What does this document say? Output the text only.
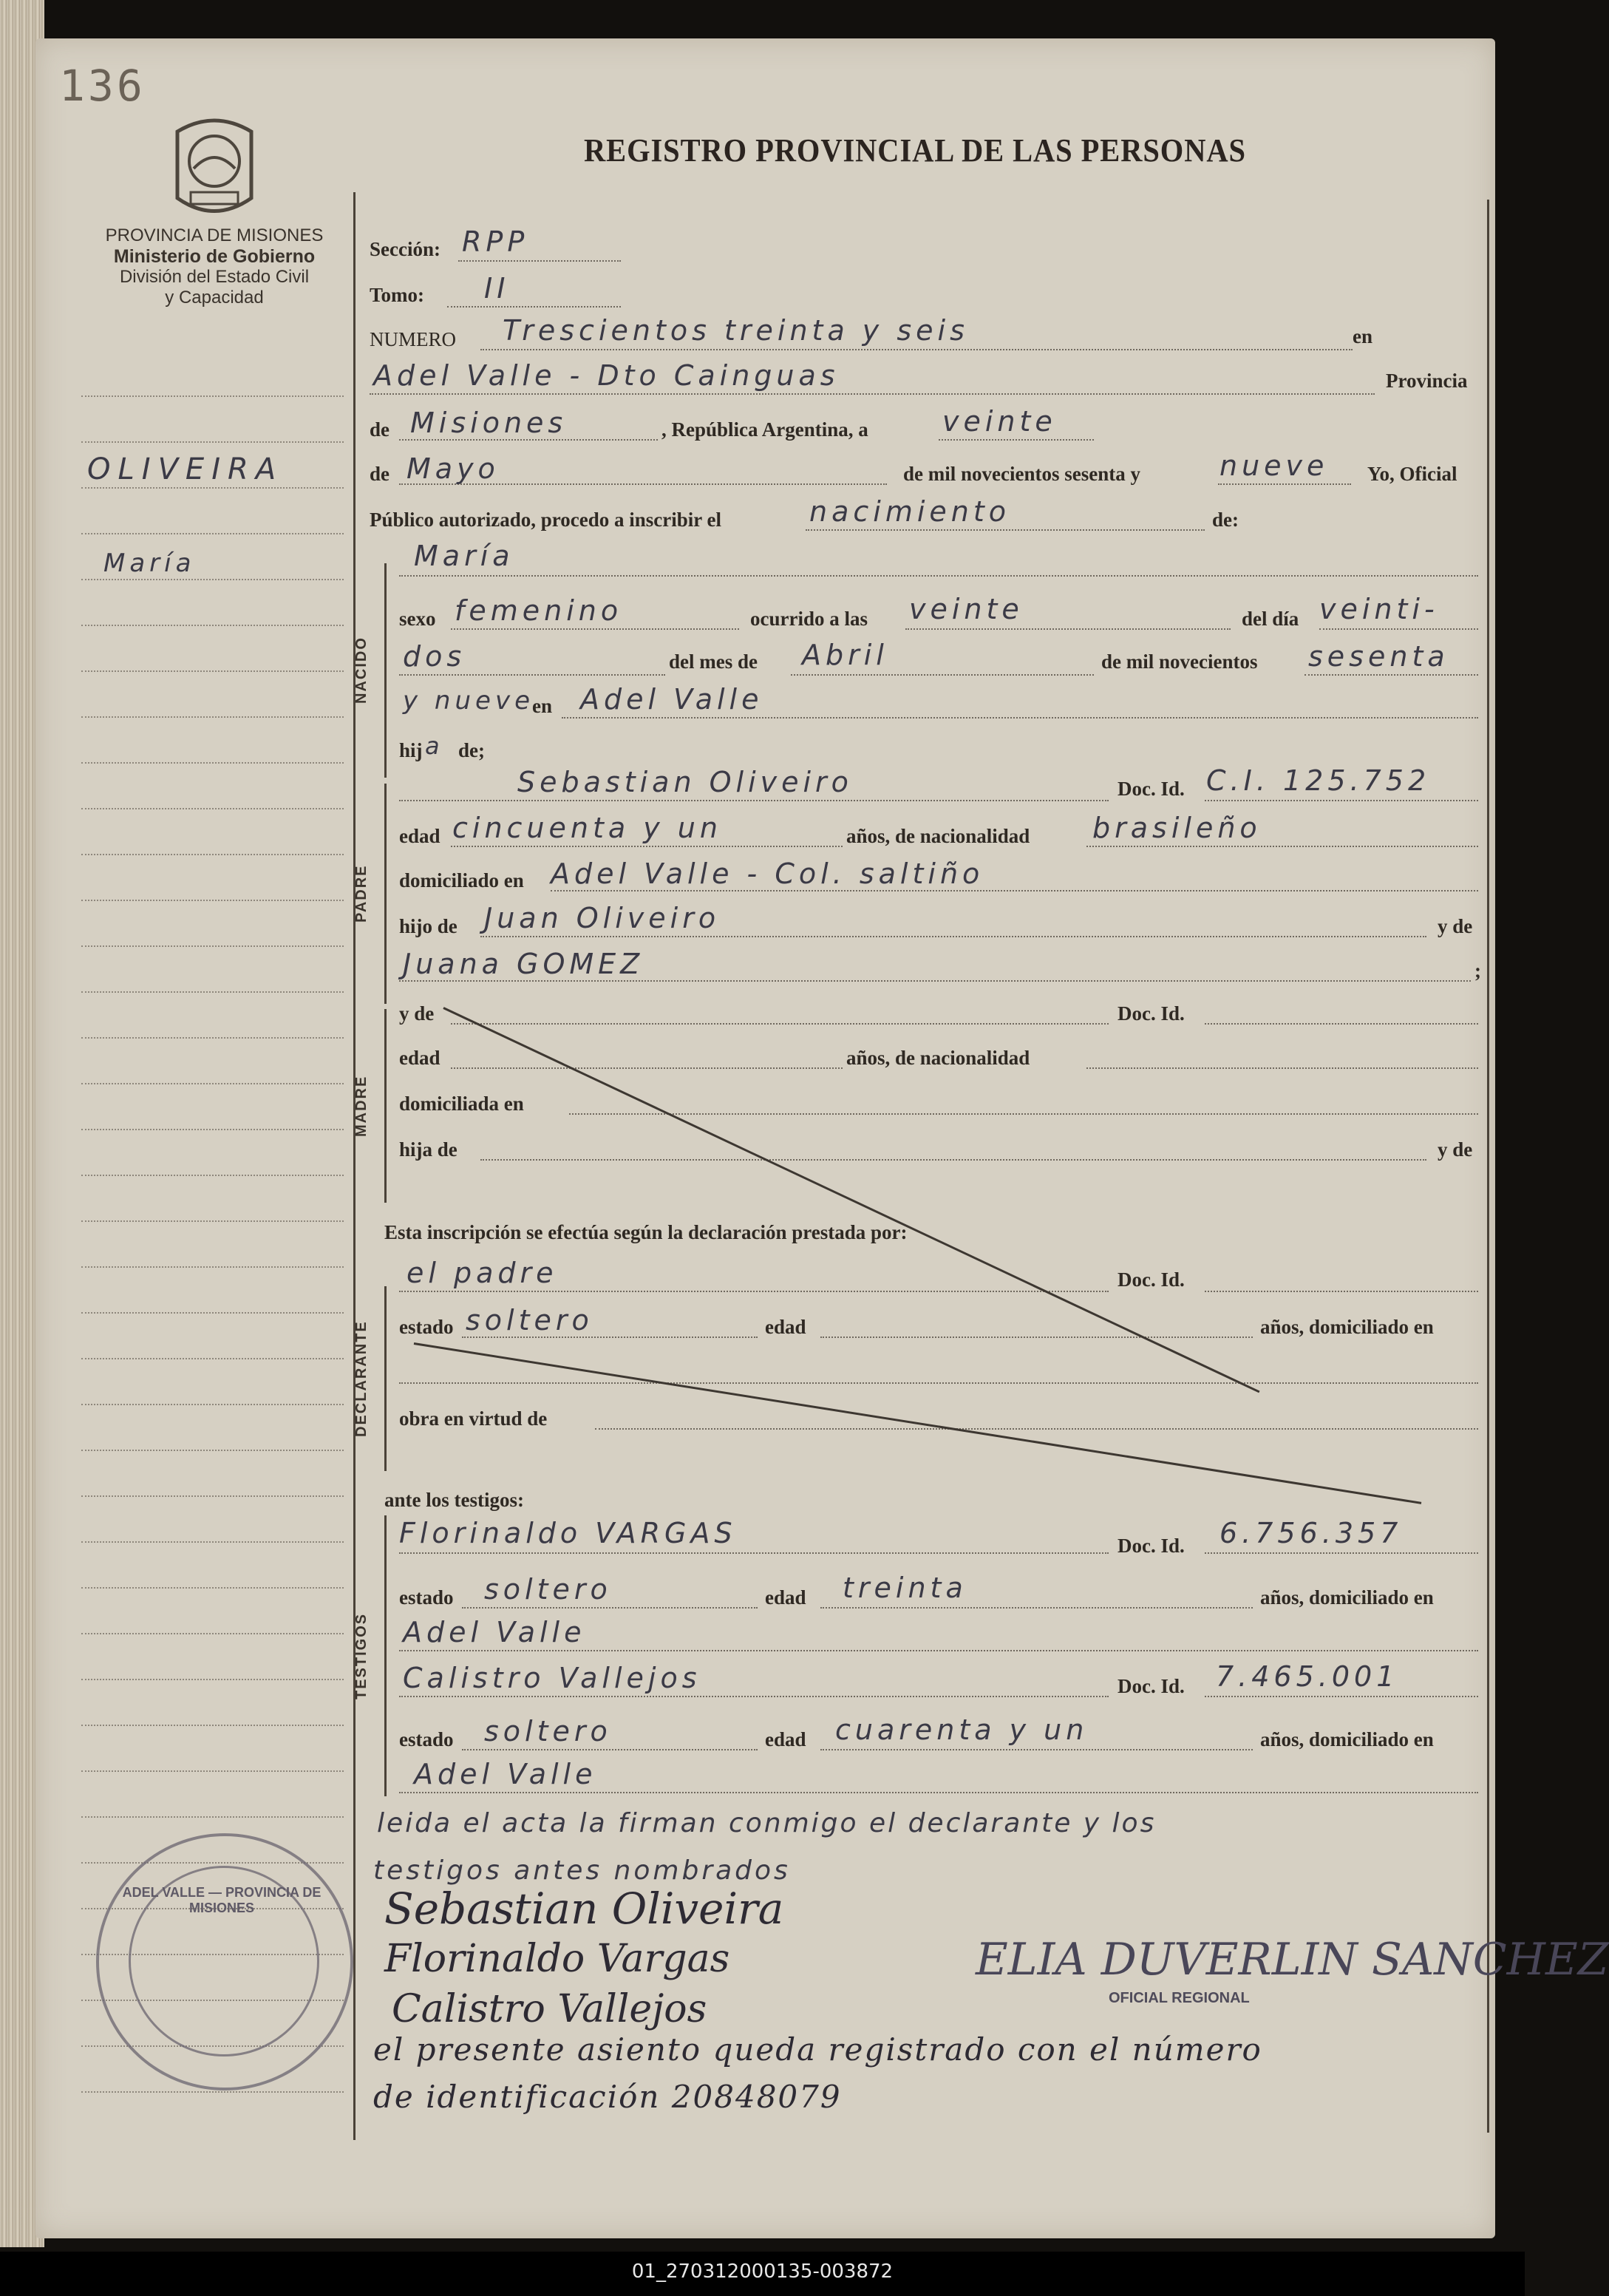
136
REGISTRO PROVINCIAL DE LAS PERSONAS
PROVINCIA DE MISIONES
Ministerio de Gobierno
División del Estado Civil
y Capacidad
OLIVEIRA
María
NACIDO
PADRE
MADRE
DECLARANTE
TESTIGOS
Sección: RPP
Tomo: II
NUMERO Trescientos treinta y seis	en
Adel Valle - Dto Cainguas	Provincia
de Misiones	, República Argentina, a	veinte
de Mayo	de mil novecientos sesenta y	nueve Yo, Oficial
Público autorizado, procedo a inscribir el	nacimiento	de:
María
sexo femenino	ocurrido a las veinte	del día veinti-
dos	del mes de Abril	de mil novecientos sesenta
y nueve
en Adel Valle
hij a de;
Sebastian Oliveiro	Doc. Id. C.I. 125.752
edad cincuenta y un	años, de nacionalidad brasileño
domiciliado en Adel Valle - Col. saltiño
hijo de Juan Oliveiro	y de
Juana GOMEZ	;
y de	Doc. Id.
edad	años, de nacionalidad
domiciliada en
hija de	y de
Esta inscripción se efectúa según la declaración prestada por:
el padre	Doc. Id.
estado soltero	edad	años, domiciliado en
obra en virtud de
ante los testigos:
Florinaldo VARGAS	Doc. Id. 6.756.357
estado soltero	edad treinta	años, domiciliado en
Adel Valle
Calistro Vallejos	Doc. Id. 7.465.001
estado soltero	edad cuarenta y un	años, domiciliado en
Adel Valle
leida el acta la firman conmigo el declarante y los
testigos antes nombrados
Sebastian Oliveira
Florinaldo Vargas
Calistro Vallejos
ELIA DUVERLIN SANCHEZ
OFICIAL REGIONAL
el presente asiento queda registrado con el número
de identificación 20848079
ADEL VALLE — PROVINCIA DE MISIONES
01_270312000135-003872
